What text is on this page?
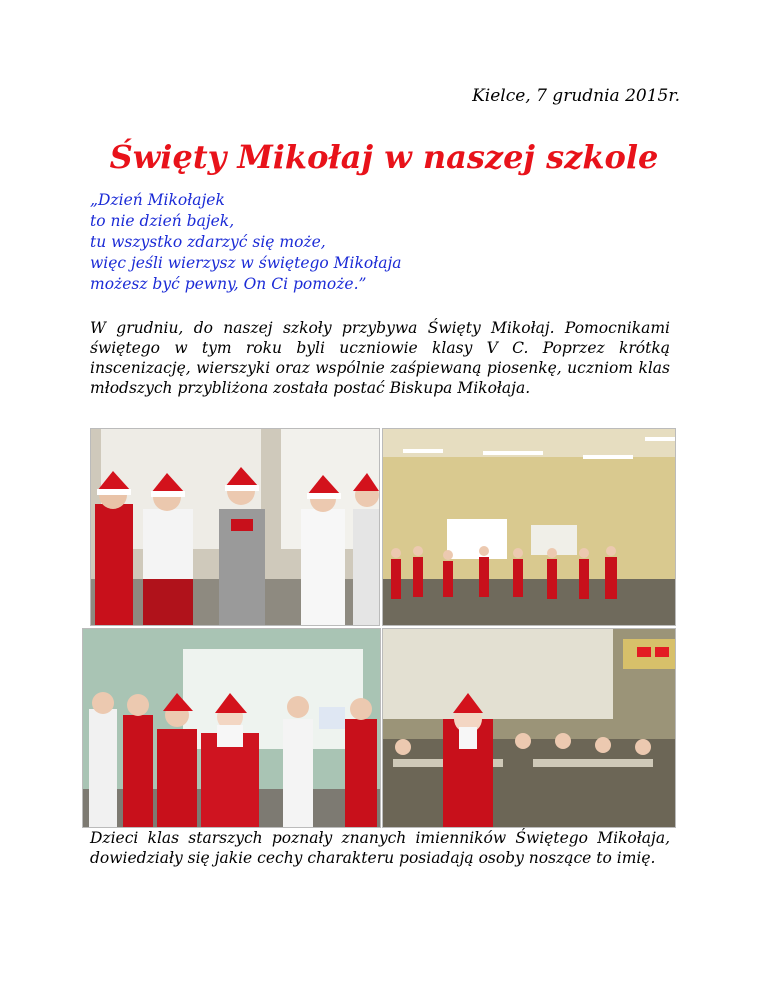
Kielce, 7 grudnia 2015r.
Święty Mikołaj w naszej szkole
„Dzień Mikołajek
to nie dzień bajek,
tu wszystko zdarzyć się może,
więc jeśli wierzysz w świętego Mikołaja
możesz być pewny, On Ci pomoże.”
W grudniu, do naszej szkoły przybywa Święty Mikołaj. Pomocnikami świętego w tym roku byli uczniowie klasy V C. Poprzez krótką inscenizację, wierszyki oraz wspólnie zaśpiewaną piosenkę, uczniom klas młodszych przybliżona została postać Biskupa Mikołaja.
Dzieci klas starszych poznały znanych imienników Świętego Mikołaja, dowiedziały się jakie cechy charakteru posiadają osoby noszące to imię.
